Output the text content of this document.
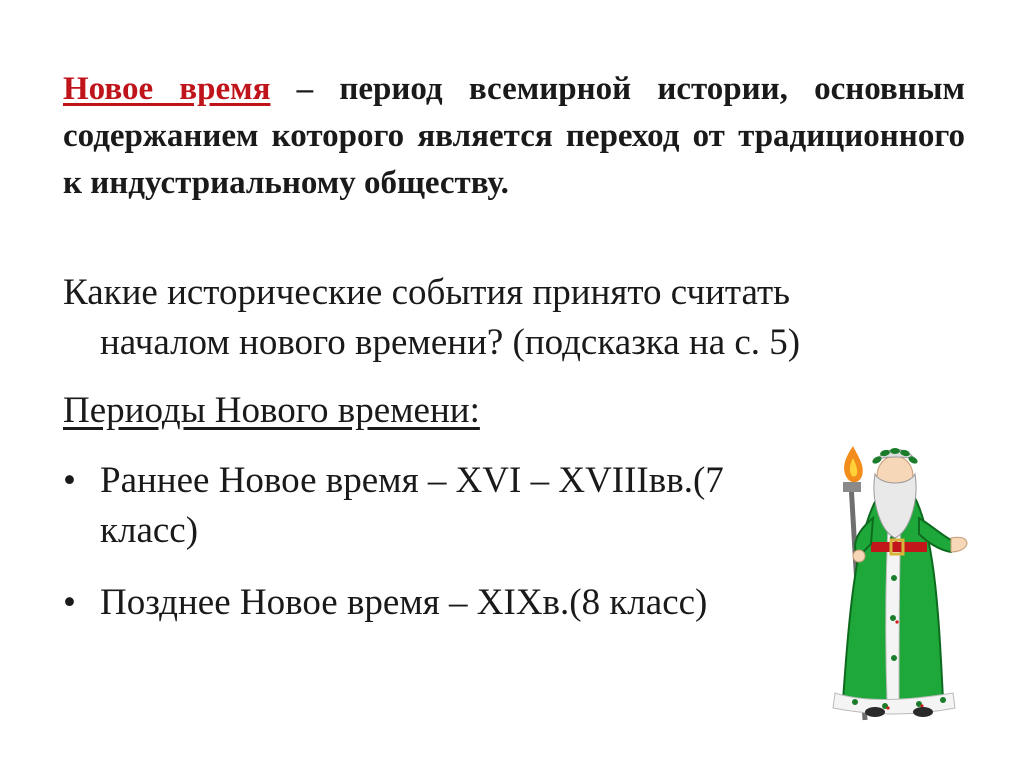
Новое время – период всемирной истории, основным содержанием которого является переход от традиционного к индустриальному обществу.
Какие исторические события принято считать
началом нового времени? (подсказка на с. 5)
Периоды Нового времени:
• Раннее Новое время – XVI – XVIIIвв.(7
класс)
• Позднее Новое время – XIXв.(8 класс)
